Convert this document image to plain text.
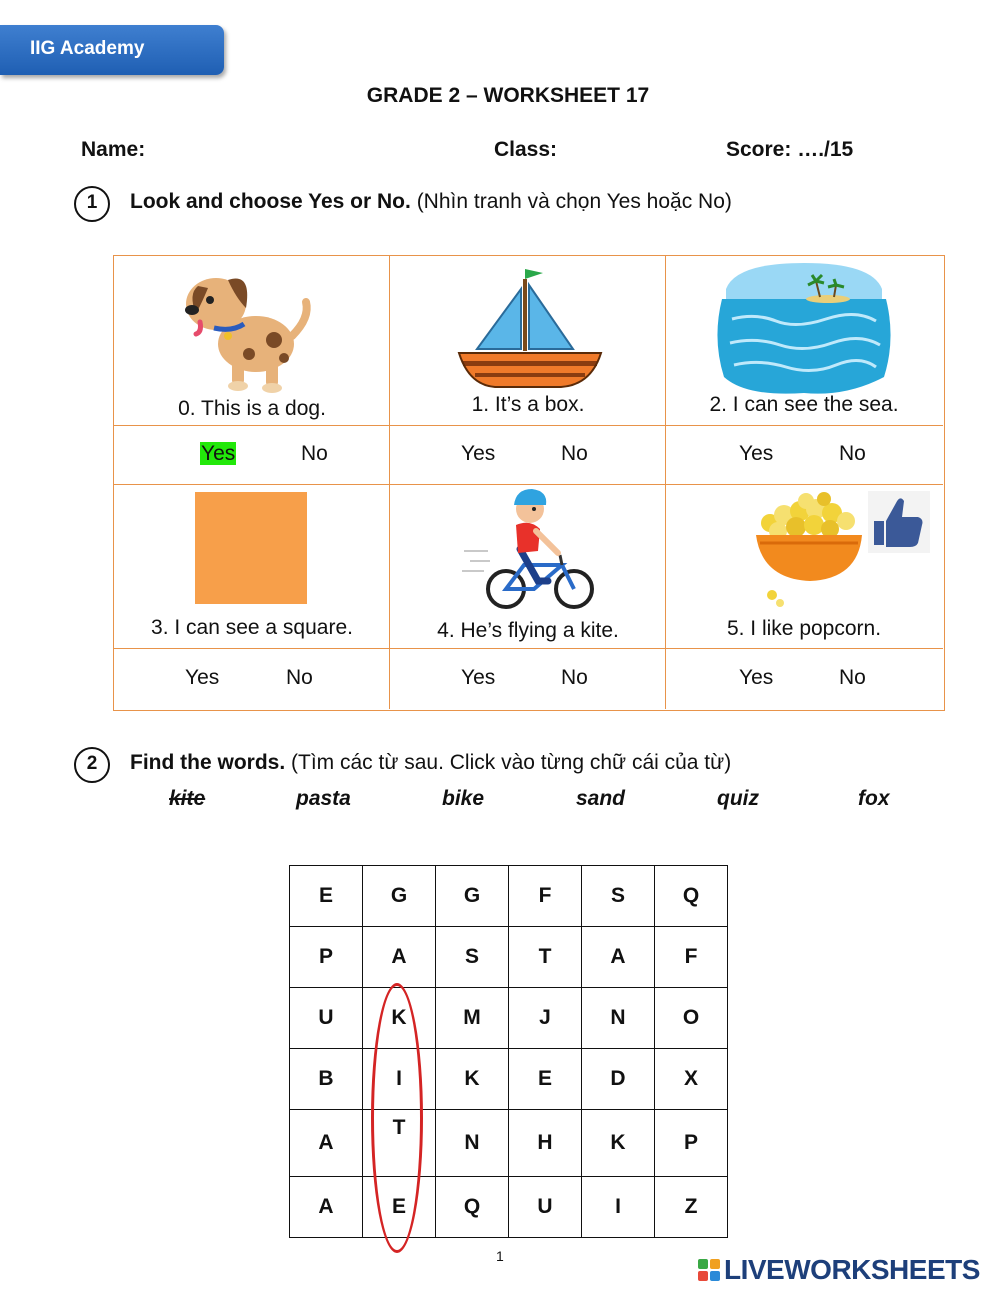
IIG Academy
GRADE 2 – WORKSHEET 17
Name:	Class:	Score: …./15
1	Look and choose Yes or No. (Nhìn tranh và chọn Yes hoặc No)
0. This is a dog.	1. It’s a box.	2. I can see the sea.
Yes	No	Yes	No	Yes	No
3. I can see a square.	4. He’s flying a kite.	5. I like popcorn.
Yes	No	Yes	No	Yes	No
2	Find the words. (Tìm các từ sau. Click vào từng chữ cái của từ)
kite	pasta	bike	sand	quiz	fox
E	G	G	F	S	Q
P	A	S	T	A	F
U	K	M	J	N	O
B	I	K	E	D	X
A	T	N	H	K	P
A	E	Q	U	I	Z
1	LIVEWORKSHEETS
